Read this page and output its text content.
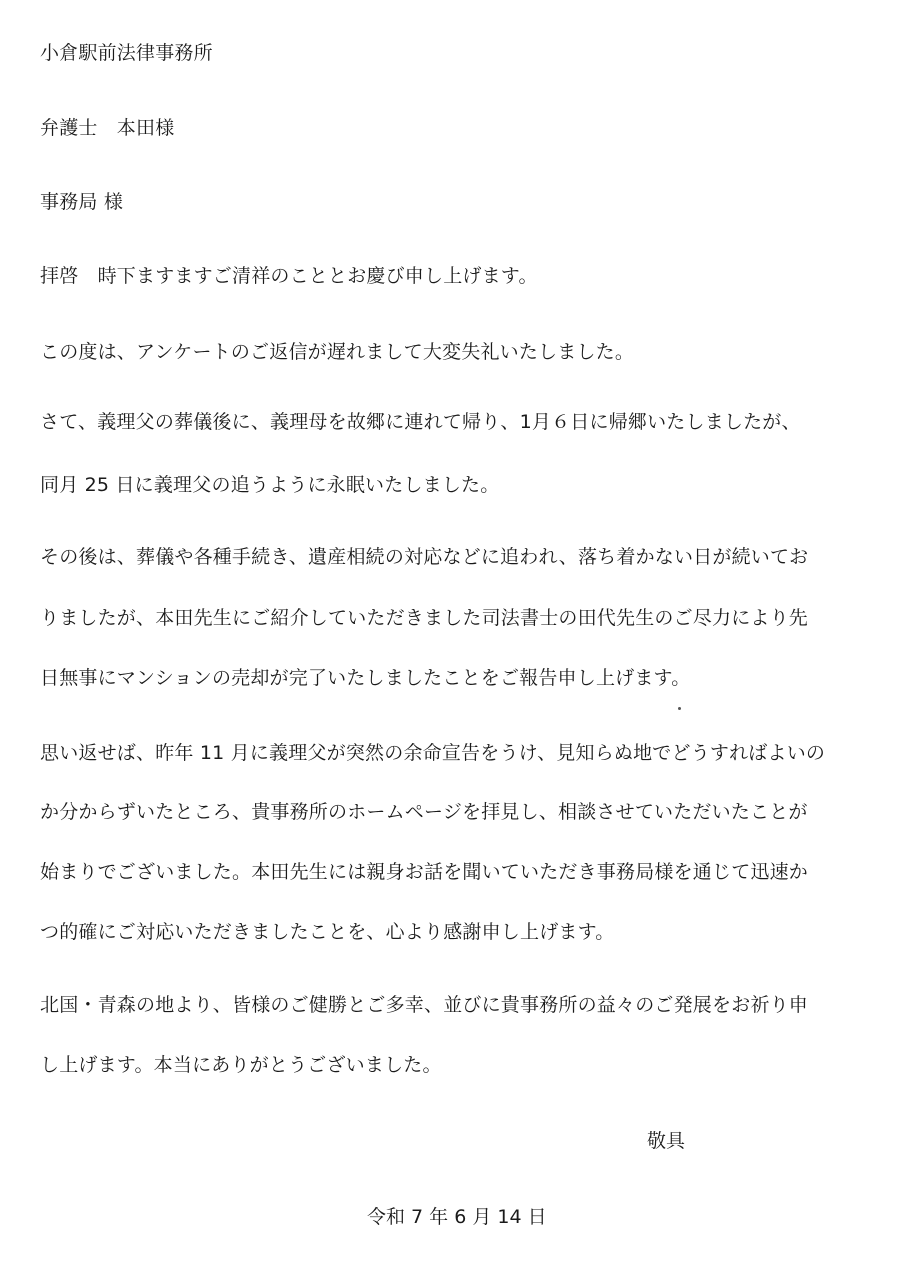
小倉駅前法律事務所
弁護士　本田様
事務局 様
拝啓　時下ますますご清祥のこととお慶び申し上げます。
この度は、アンケートのご返信が遅れまして大変失礼いたしました。
さて、義理父の葬儀後に、義理母を故郷に連れて帰り、1月６日に帰郷いたしましたが、
同月 25 日に義理父の追うように永眠いたしました。
その後は、葬儀や各種手続き、遺産相続の対応などに追われ、落ち着かない日が続いてお
りましたが、本田先生にご紹介していただきました司法書士の田代先生のご尽力により先
日無事にマンションの売却が完了いたしましたことをご報告申し上げます。
思い返せば、昨年 11 月に義理父が突然の余命宣告をうけ、見知らぬ地でどうすればよいの
か分からずいたところ、貴事務所のホームページを拝見し、相談させていただいたことが
始まりでございました。本田先生には親身お話を聞いていただき事務局様を通じて迅速か
つ的確にご対応いただきましたことを、心より感謝申し上げます。
北国・青森の地より、皆様のご健勝とご多幸、並びに貴事務所の益々のご発展をお祈り申
し上げます。本当にありがとうございました。
敬具
令和 7 年 6 月 14 日
